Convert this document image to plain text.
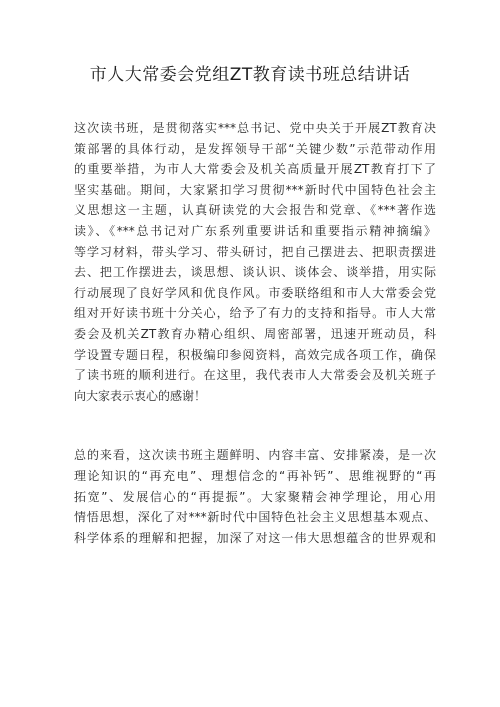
市人大常委会党组ZT教育读书班总结讲话
这次读书班，是贯彻落实***总书记、党中央关于开展ZT教育决
策部署的具体行动，是发挥领导干部“关键少数”示范带动作用
的重要举措，为市人大常委会及机关高质量开展ZT教育打下了
坚实基础。期间，大家紧扣学习贯彻***新时代中国特色社会主
义思想这一主题，认真研读党的大会报告和党章、《***著作选
读》、《***总书记对广东系列重要讲话和重要指示精神摘编》
等学习材料，带头学习、带头研讨，把自己摆进去、把职责摆进
去、把工作摆进去，谈思想、谈认识、谈体会、谈举措，用实际
行动展现了良好学风和优良作风。市委联络组和市人大常委会党
组对开好读书班十分关心，给予了有力的支持和指导。市人大常
委会及机关ZT教育办精心组织、周密部署，迅速开班动员，科
学设置专题日程，积极编印参阅资料，高效完成各项工作，确保
了读书班的顺利进行。在这里，我代表市人大常委会及机关班子
向大家表示衷心的感谢！
总的来看，这次读书班主题鲜明、内容丰富、安排紧凑，是一次
理论知识的“再充电”、理想信念的“再补钙”、思维视野的“再
拓宽”、发展信心的“再提振”。大家聚精会神学理论，用心用
情悟思想，深化了对***新时代中国特色社会主义思想基本观点、
科学体系的理解和把握，加深了对这一伟大思想蕴含的世界观和
